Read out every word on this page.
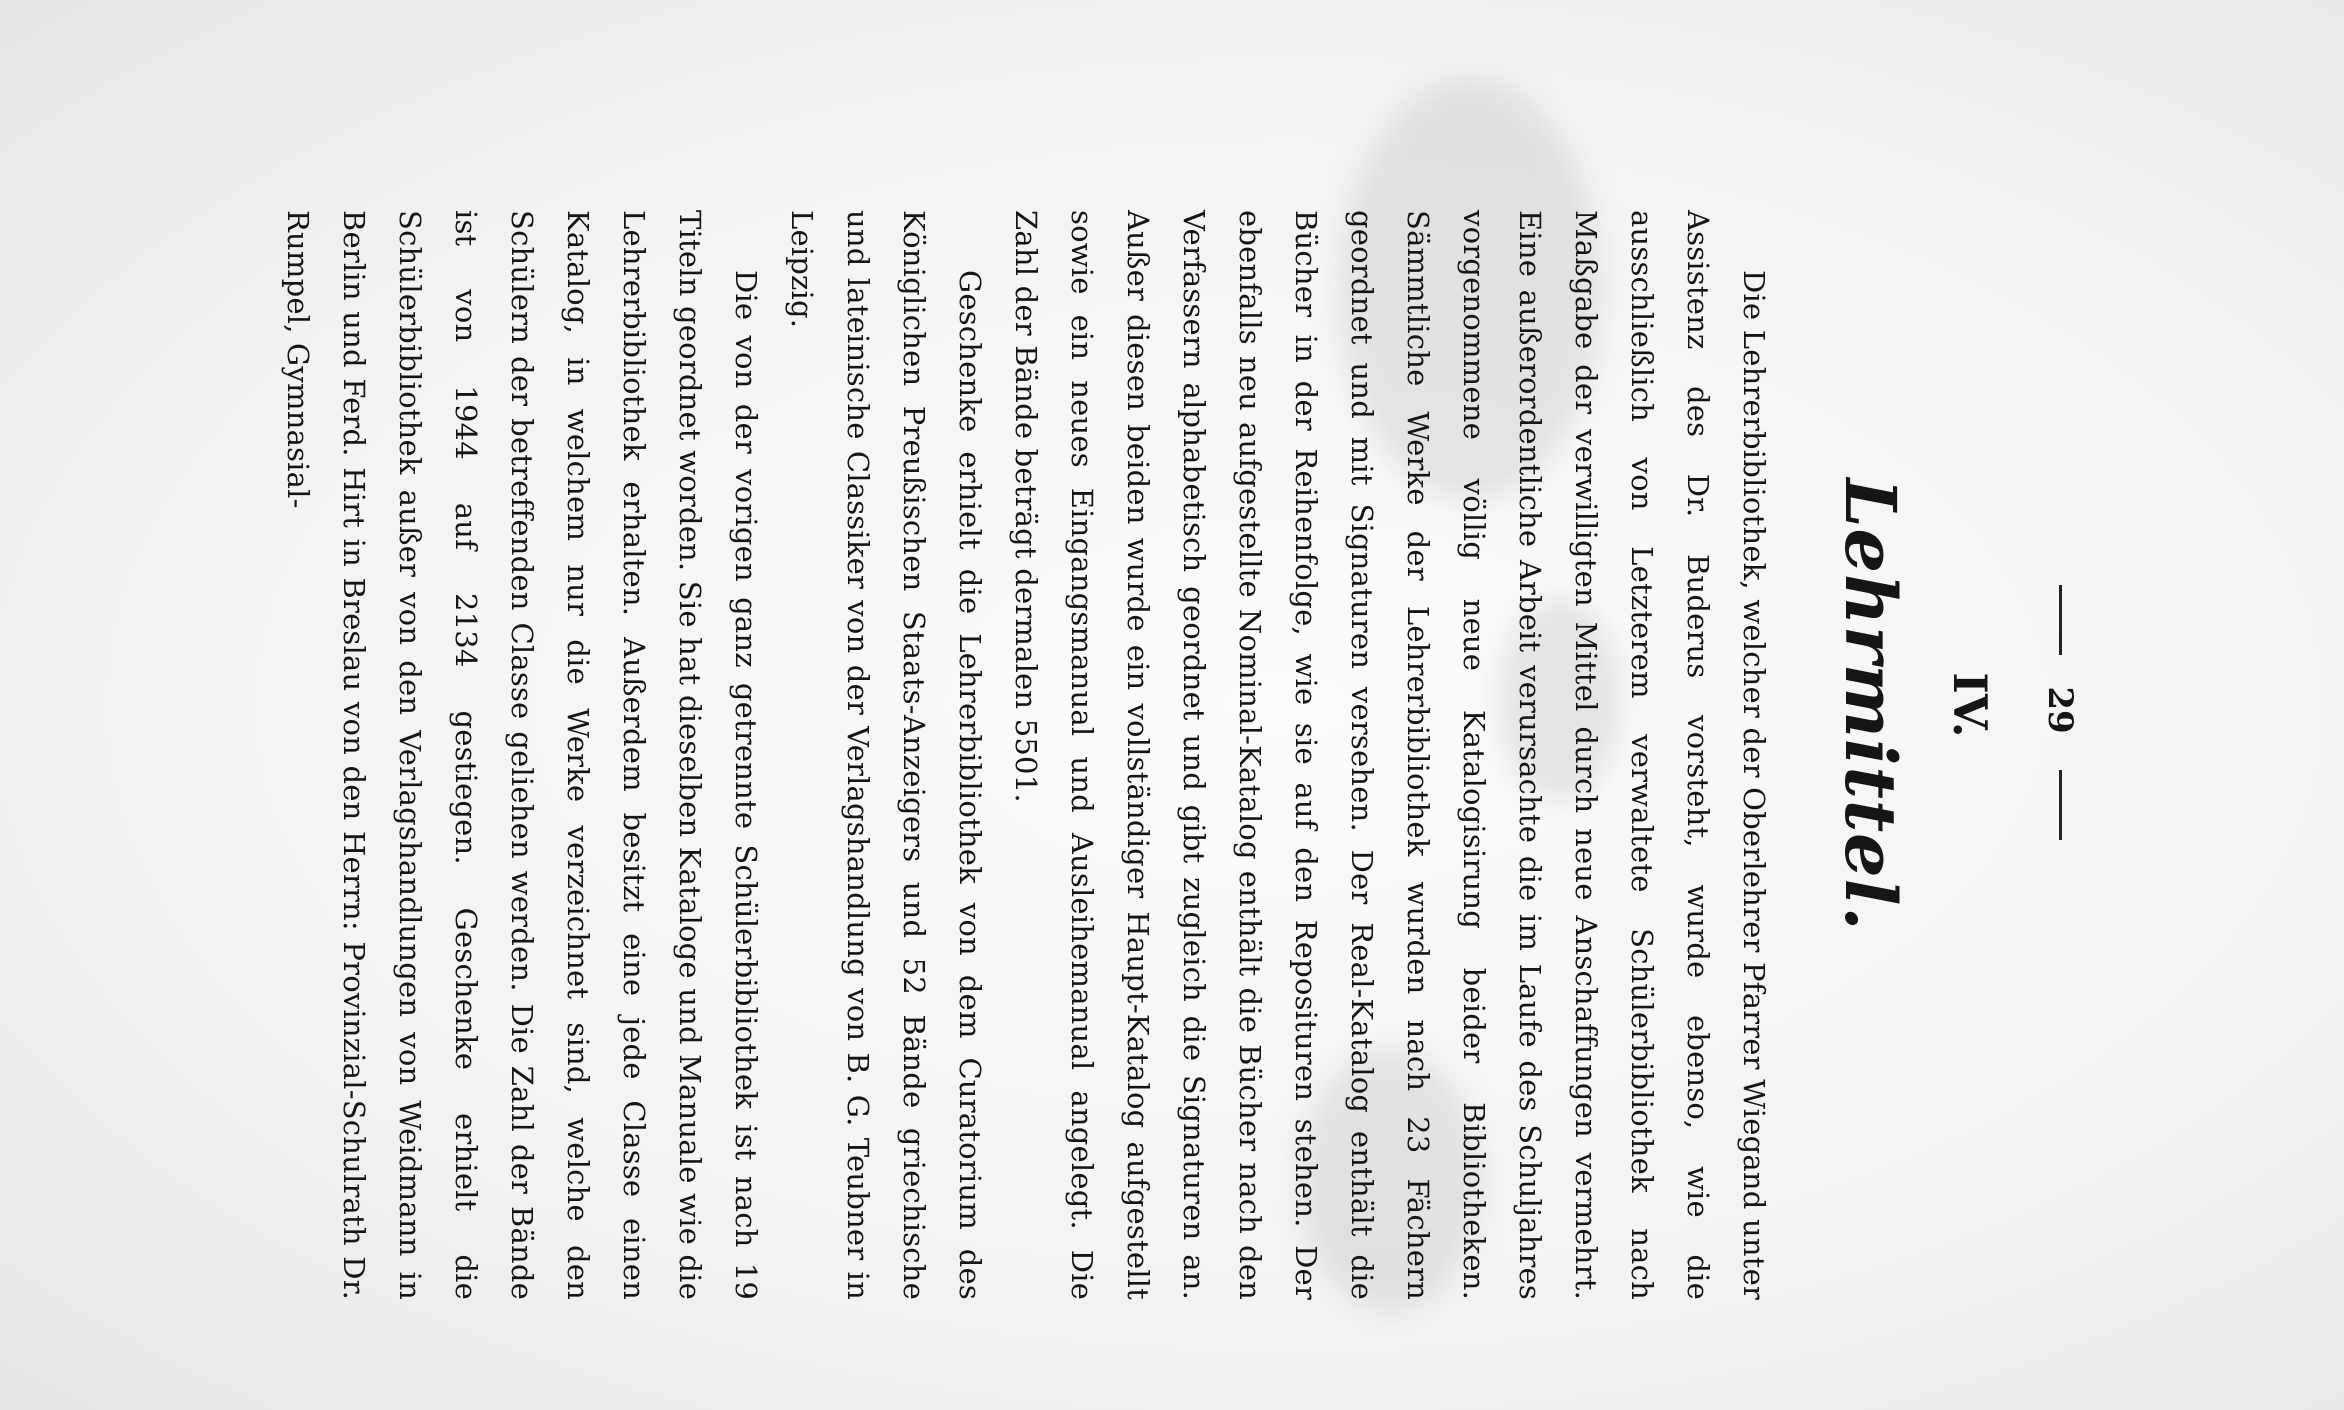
29
IV.
Lehrmittel.

Die Lehrerbibliothek, welcher der Oberlehrer Pfarrer Wiegand unter Assistenz des Dr. Buderus vorsteht, wurde ebenso, wie die ausschließlich von Letzterem verwaltete Schülerbibliothek nach Maßgabe der verwilligten Mittel durch neue Anschaffungen vermehrt. Eine außerordentliche Arbeit verursachte die im Laufe des Schuljahres vorgenommene völlig neue Katalogisirung beider Bibliotheken. Sämmtliche Werke der Lehrerbibliothek wurden nach 23 Fächern geordnet und mit Signaturen versehen. Der Real-Katalog enthält die Bücher in der Reihenfolge, wie sie auf den Reposituren stehen. Der ebenfalls neu aufgestellte Nominal-Katalog enthält die Bücher nach den Verfassern alphabetisch geordnet und gibt zugleich die Signaturen an. Außer diesen beiden wurde ein vollständiger Haupt-Katalog aufgestellt sowie ein neues Eingangsmanual und Ausleihemanual angelegt. Die Zahl der Bände beträgt dermalen 5501.

Geschenke erhielt die Lehrerbibliothek von dem Curatorium des Königlichen Preußischen Staats-Anzeigers und 52 Bände griechische und lateinische Classiker von der Verlagshandlung von B. G. Teubner in Leipzig.

Die von der vorigen ganz getrennte Schülerbibliothek ist nach 19 Titeln geordnet worden. Sie hat dieselben Kataloge und Manuale wie die Lehrerbibliothek erhalten. Außerdem besitzt eine jede Classe einen Katalog, in welchem nur die Werke verzeichnet sind, welche den Schülern der betreffenden Classe geliehen werden. Die Zahl der Bände ist von 1944 auf 2134 gestiegen. Geschenke erhielt die Schülerbibliothek außer von den Verlagshandlungen von Weidmann in Berlin und Ferd. Hirt in Breslau von den Herrn: Provinzial-Schulrath Dr. Rumpel, Gymnasial-
